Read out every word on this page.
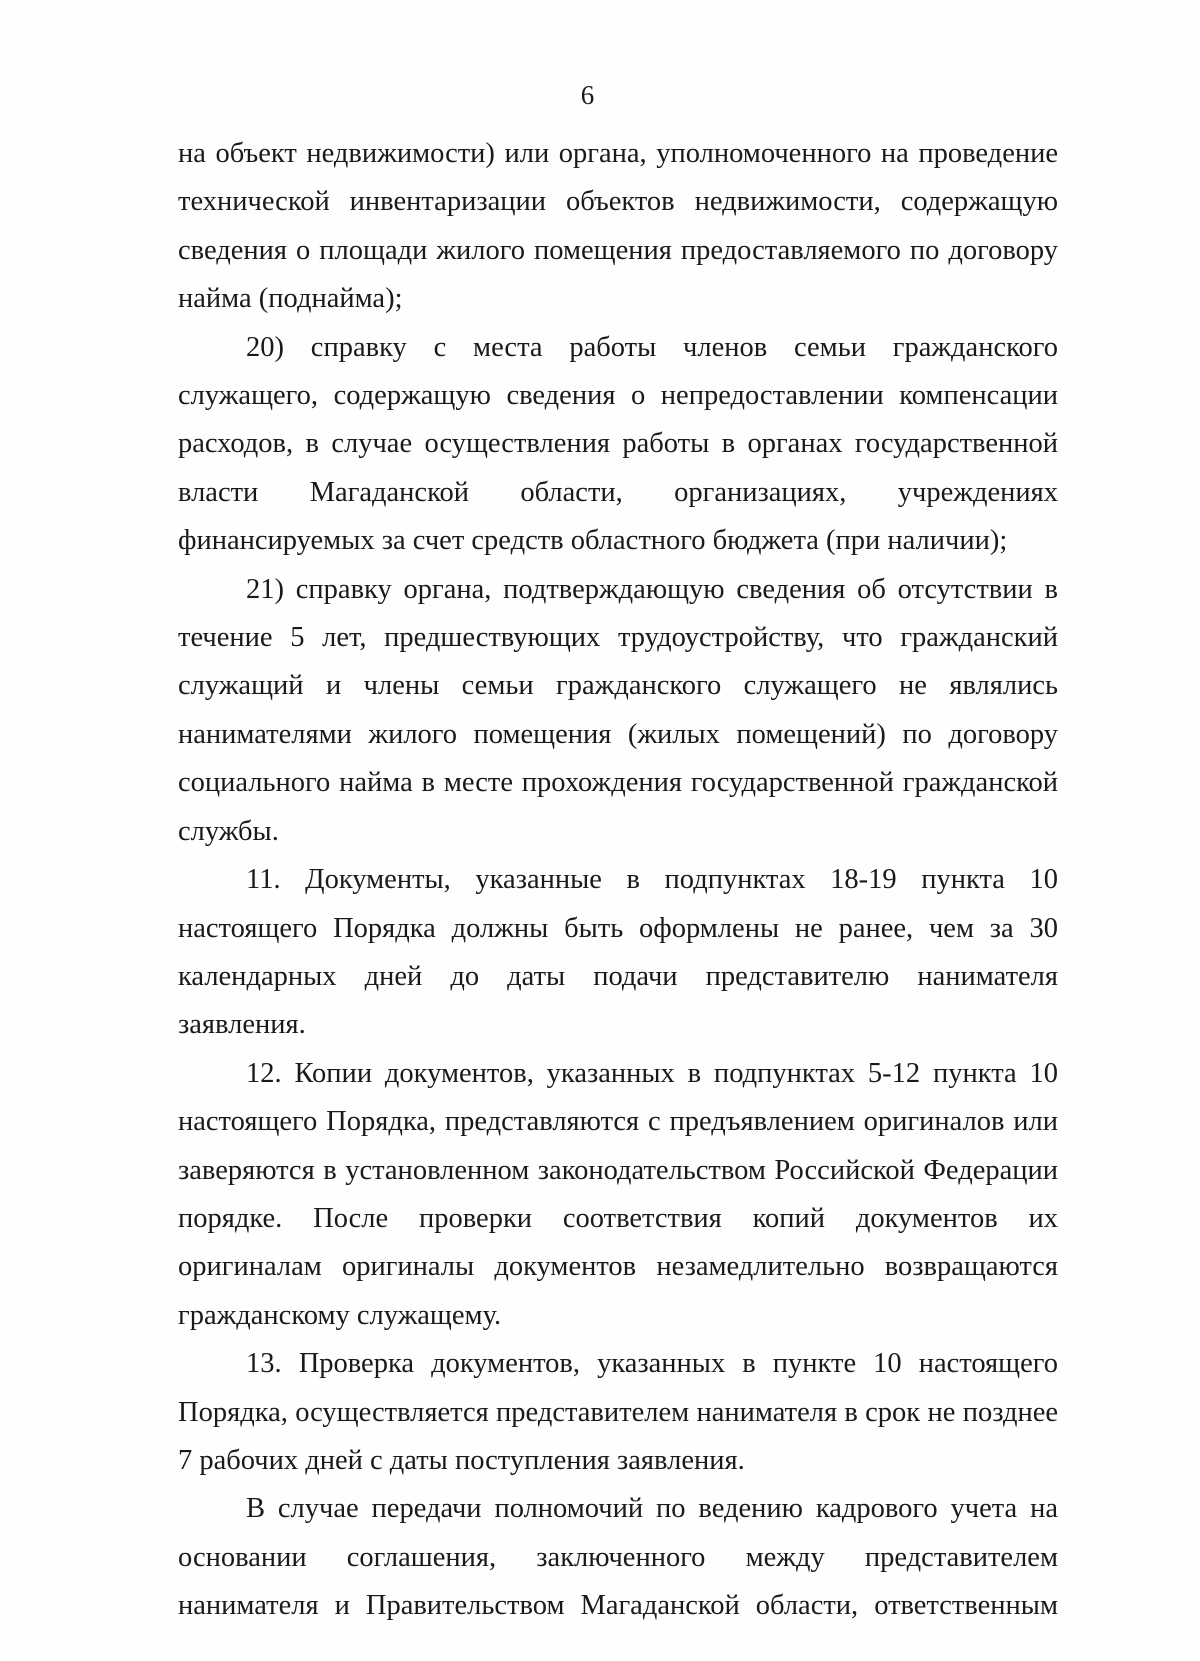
6

на объект недвижимости) или органа, уполномоченного на проведение технической инвентаризации объектов недвижимости, содержащую сведения о площади жилого помещения предоставляемого по договору найма (поднайма);

20) справку с места работы членов семьи гражданского служащего, содержащую сведения о непредоставлении компенсации расходов, в случае осуществления работы в органах государственной власти Магаданской области, организациях, учреждениях финансируемых за счет средств областного бюджета (при наличии);

21) справку органа, подтверждающую сведения об отсутствии в течение 5 лет, предшествующих трудоустройству, что гражданский служащий и члены семьи гражданского служащего не являлись нанимателями жилого помещения (жилых помещений) по договору социального найма в месте прохождения государственной гражданской службы.

11. Документы, указанные в подпунктах 18-19 пункта 10 настоящего Порядка должны быть оформлены не ранее, чем за 30 календарных дней до даты подачи представителю нанимателя заявления.

12. Копии документов, указанных в подпунктах 5-12 пункта 10 настоящего Порядка, представляются с предъявлением оригиналов или заверяются в установленном законодательством Российской Федерации порядке. После проверки соответствия копий документов их оригиналам оригиналы документов незамедлительно возвращаются гражданскому служащему.

13. Проверка документов, указанных в пункте 10 настоящего Порядка, осуществляется представителем нанимателя в срок не позднее 7 рабочих дней с даты поступления заявления.

В случае передачи полномочий по ведению кадрового учета на основании соглашения, заключенного между представителем нанимателя и Правительством Магаданской области, ответственным
